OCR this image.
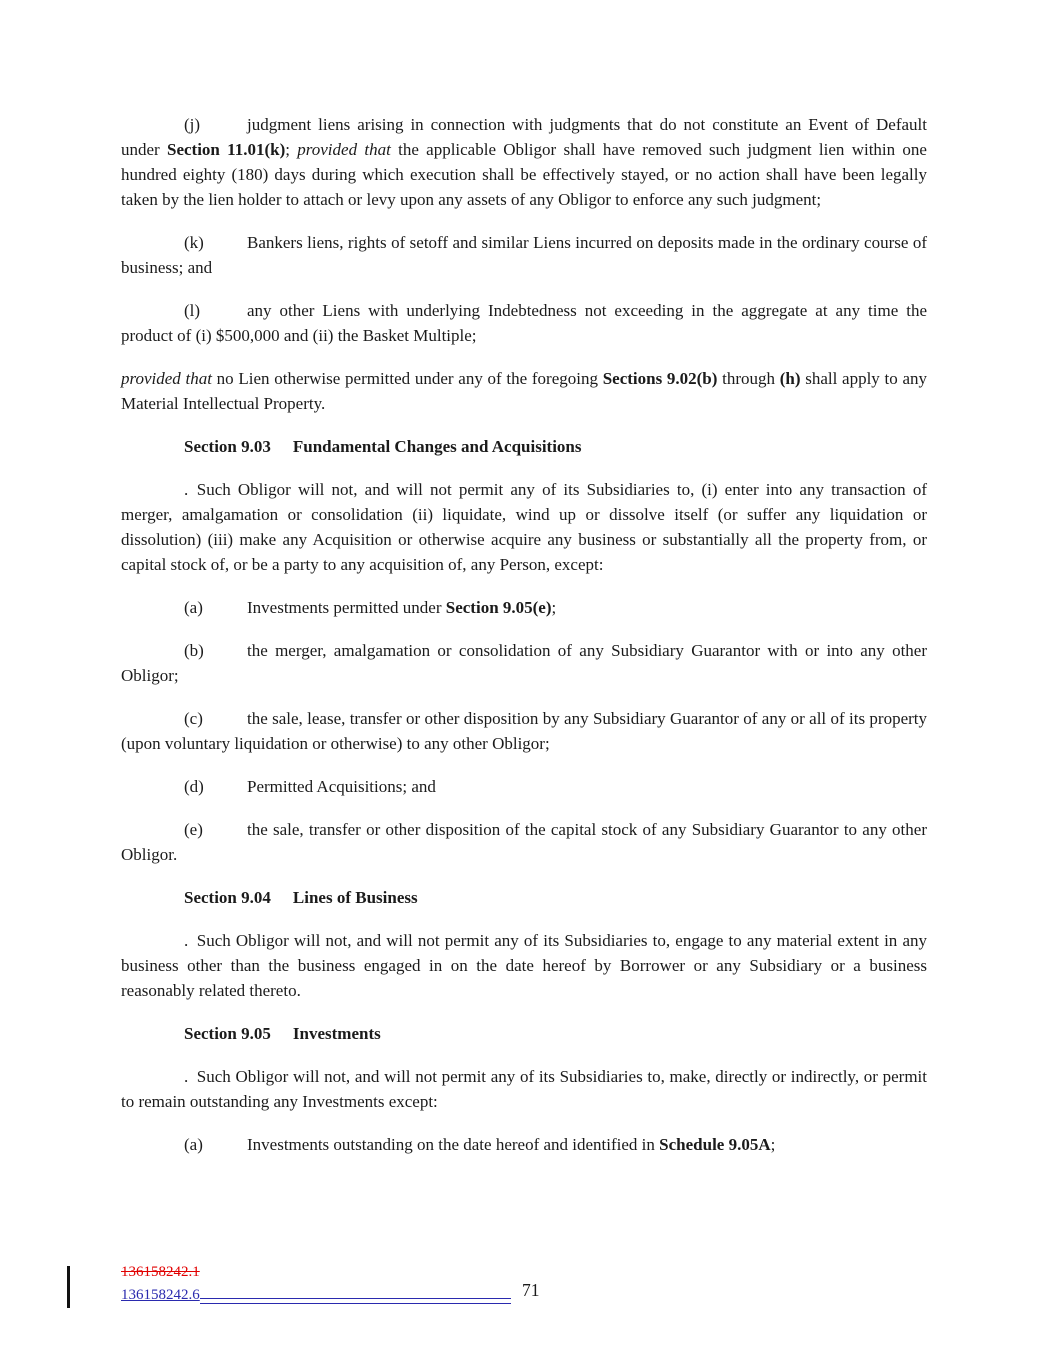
(j)	judgment liens arising in connection with judgments that do not constitute an Event of Default under Section 11.01(k); provided that the applicable Obligor shall have removed such judgment lien within one hundred eighty (180) days during which execution shall be effectively stayed, or no action shall have been legally taken by the lien holder to attach or levy upon any assets of any Obligor to enforce any such judgment;

(k)	Bankers liens, rights of setoff and similar Liens incurred on deposits made in the ordinary course of business; and

(l)	any other Liens with underlying Indebtedness not exceeding in the aggregate at any time the product of (i) $500,000 and (ii) the Basket Multiple;

provided that no Lien otherwise permitted under any of the foregoing Sections 9.02(b) through (h) shall apply to any Material Intellectual Property.

Section 9.03 Fundamental Changes and Acquisitions

. Such Obligor will not, and will not permit any of its Subsidiaries to, (i) enter into any transaction of merger, amalgamation or consolidation (ii) liquidate, wind up or dissolve itself (or suffer any liquidation or dissolution) (iii) make any Acquisition or otherwise acquire any business or substantially all the property from, or capital stock of, or be a party to any acquisition of, any Person, except:

(a)	Investments permitted under Section 9.05(e);

(b)	the merger, amalgamation or consolidation of any Subsidiary Guarantor with or into any other Obligor;

(c)	the sale, lease, transfer or other disposition by any Subsidiary Guarantor of any or all of its property (upon voluntary liquidation or otherwise) to any other Obligor;

(d)	Permitted Acquisitions; and

(e)	the sale, transfer or other disposition of the capital stock of any Subsidiary Guarantor to any other Obligor.

Section 9.04 Lines of Business

. Such Obligor will not, and will not permit any of its Subsidiaries to, engage to any material extent in any business other than the business engaged in on the date hereof by Borrower or any Subsidiary or a business reasonably related thereto.

Section 9.05 Investments

. Such Obligor will not, and will not permit any of its Subsidiaries to, make, directly or indirectly, or permit to remain outstanding any Investments except:

(a)	Investments outstanding on the date hereof and identified in Schedule 9.05A;

136158242.1
136158242.6	71
